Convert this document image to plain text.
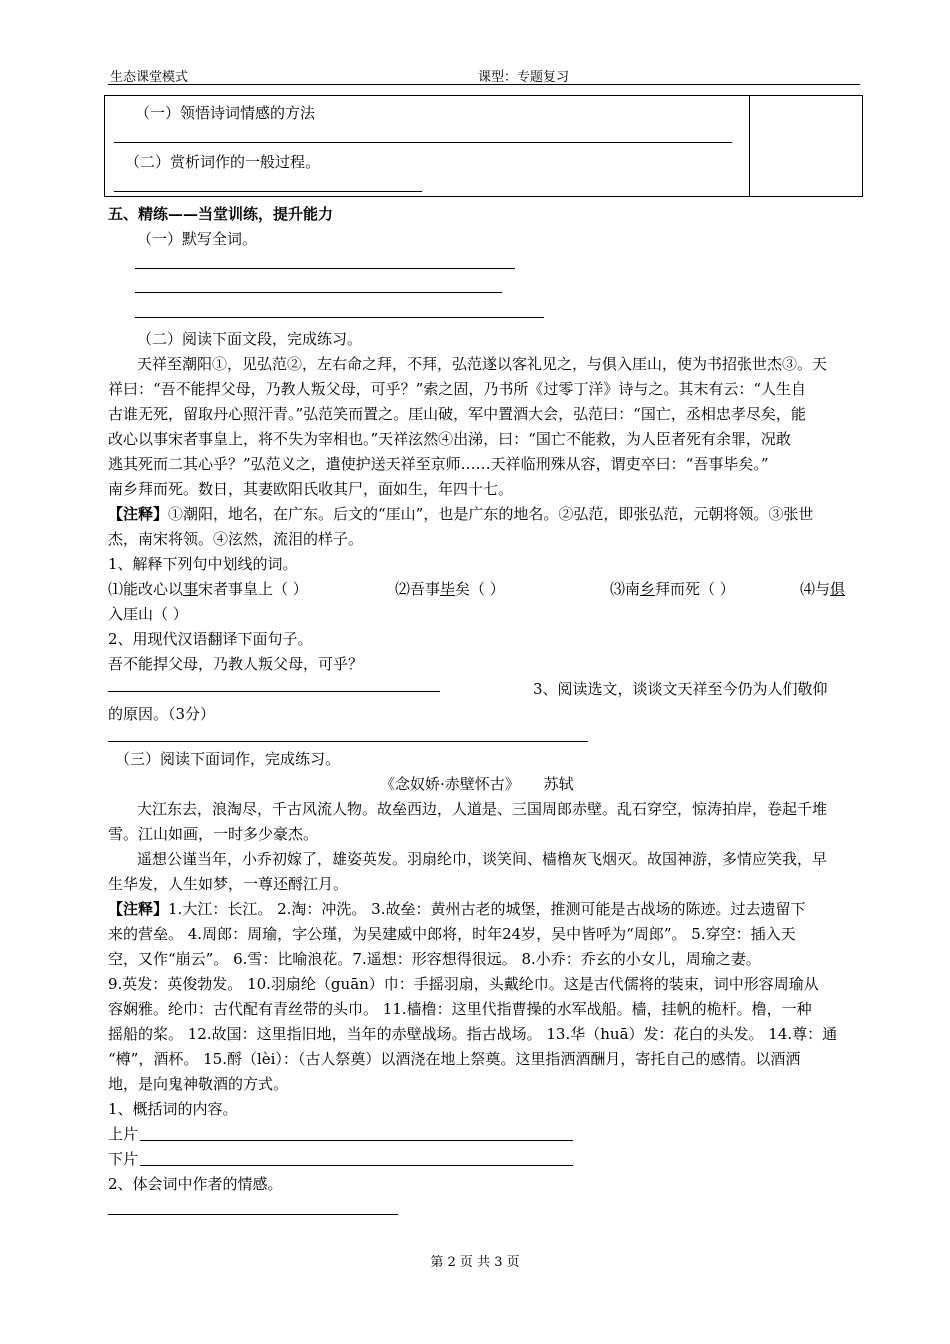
生态课堂模式	课型：专题复习
（一）领悟诗词情感的方法
（二）赏析词作的一般过程。
五、精练——当堂训练，提升能力
（一）默写全词。
（二）阅读下面文段，完成练习。
天祥至潮阳①，见弘范②，左右命之拜，不拜，弘范遂以客礼见之，与俱入厓山，使为书招张世杰③。天
祥曰：“吾不能捍父母，乃教人叛父母，可乎？”索之固，乃书所《过零丁洋》诗与之。其末有云：“人生自
古谁无死，留取丹心照汗青。”弘范笑而置之。厓山破，军中置酒大会，弘范曰：“国亡，丞相忠孝尽矣，能
改心以事宋者事皇上，将不失为宰相也。”天祥泫然④出涕，曰：“国亡不能救，为人臣者死有余罪，况敢
逃其死而二其心乎？”弘范义之，遣使护送天祥至京师……天祥临刑殊从容，谓吏卒曰：“吾事毕矣。”
南乡拜而死。数日，其妻欧阳氏收其尸，面如生，年四十七。
【注释】①潮阳，地名，在广东。后文的“厓山”，也是广东的地名。②弘范，即张弘范，元朝将领。③张世
杰，南宋将领。④泫然，流泪的样子。
1、解释下列句中划线的词。
⑴能改心以事宋者事皇上（ ）	⑵吾事毕矣（ ）	⑶南乡拜而死（ ）	⑷与俱
入厓山（ ）
2、用现代汉语翻译下面句子。
吾不能捍父母，乃教人叛父母，可乎？
3、阅读选文，谈谈文天祥至今仍为人们敬仰
的原因。（3分）
（三）阅读下面词作，完成练习。
《念奴娇·赤壁怀古》 苏轼
大江东去，浪淘尽，千古风流人物。故垒西边，人道是、三国周郎赤壁。乱石穿空，惊涛拍岸，卷起千堆
雪。江山如画，一时多少豪杰。
遥想公谨当年，小乔初嫁了，雄姿英发。羽扇纶巾，谈笑间、樯橹灰飞烟灭。故国神游，多情应笑我，早
生华发，人生如梦，一尊还酹江月。
【注释】1.大江：长江。 2.淘：冲洗。 3.故垒：黄州古老的城堡，推测可能是古战场的陈迹。过去遗留下
来的营垒。 4.周郎：周瑜，字公瑾，为吴建威中郎将，时年24岁，吴中皆呼为“周郎”。 5.穿空：插入天
空，又作“崩云”。 6.雪：比喻浪花。7.遥想：形容想得很远。 8.小乔：乔玄的小女儿，周瑜之妻。
9.英发：英俊勃发。 10.羽扇纶（guān）巾：手摇羽扇，头戴纶巾。这是古代儒将的装束，词中形容周瑜从
容娴雅。纶巾：古代配有青丝带的头巾。 11.樯橹：这里代指曹操的水军战船。樯，挂帆的桅杆。橹，一种
摇船的桨。 12.故国：这里指旧地，当年的赤壁战场。指古战场。 13.华（huā）发：花白的头发。 14.尊：通
“樽”，酒杯。 15.酹（lèi）：（古人祭奠）以酒浇在地上祭奠。这里指洒酒酬月，寄托自己的感情。以酒洒
地，是向鬼神敬酒的方式。
1、概括词的内容。
上片
下片
2、体会词中作者的情感。
第 2 页 共 3 页
